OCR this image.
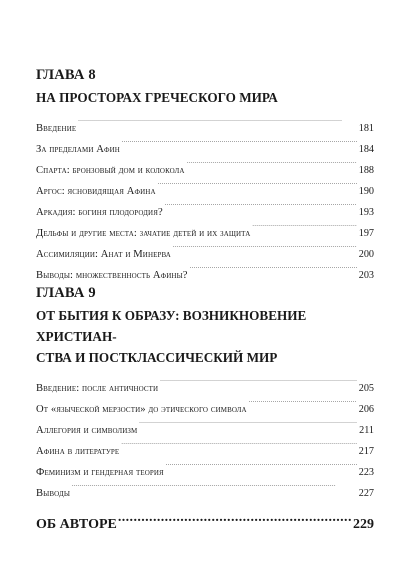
ГЛАВА 8
НА ПРОСТОРАХ ГРЕЧЕСКОГО МИРА
Введение . . .	181
За пределами Афин . . .	184
Спарта: бронзовый дом и колокола . . .	188
Аргос: ясновидящая Афина . . .	190
Аркадия: богиня плодородия? . . .	193
Дельфы и другие места: зачатие детей и их защита . . .	197
Ассимиляции: Анат и Минерва . . .	200
Выводы: множественность Афины? . . .	203
ГЛАВА 9
ОТ БЫТИЯ К ОБРАЗУ: ВОЗНИКНОВЕНИЕ ХРИСТИАН-
СТВА И ПОСТКЛАССИЧЕСКИЙ МИР
Введение: после античности . . .	205
От «языческой мерзости» до этического символа . . .	206
Аллегория и символизм . . .	211
Афина в литературе . . .	217
Феминизм и гендерная теория . . .	223
Выводы . . .	227
ОБ АВТОРЕ .....	229
